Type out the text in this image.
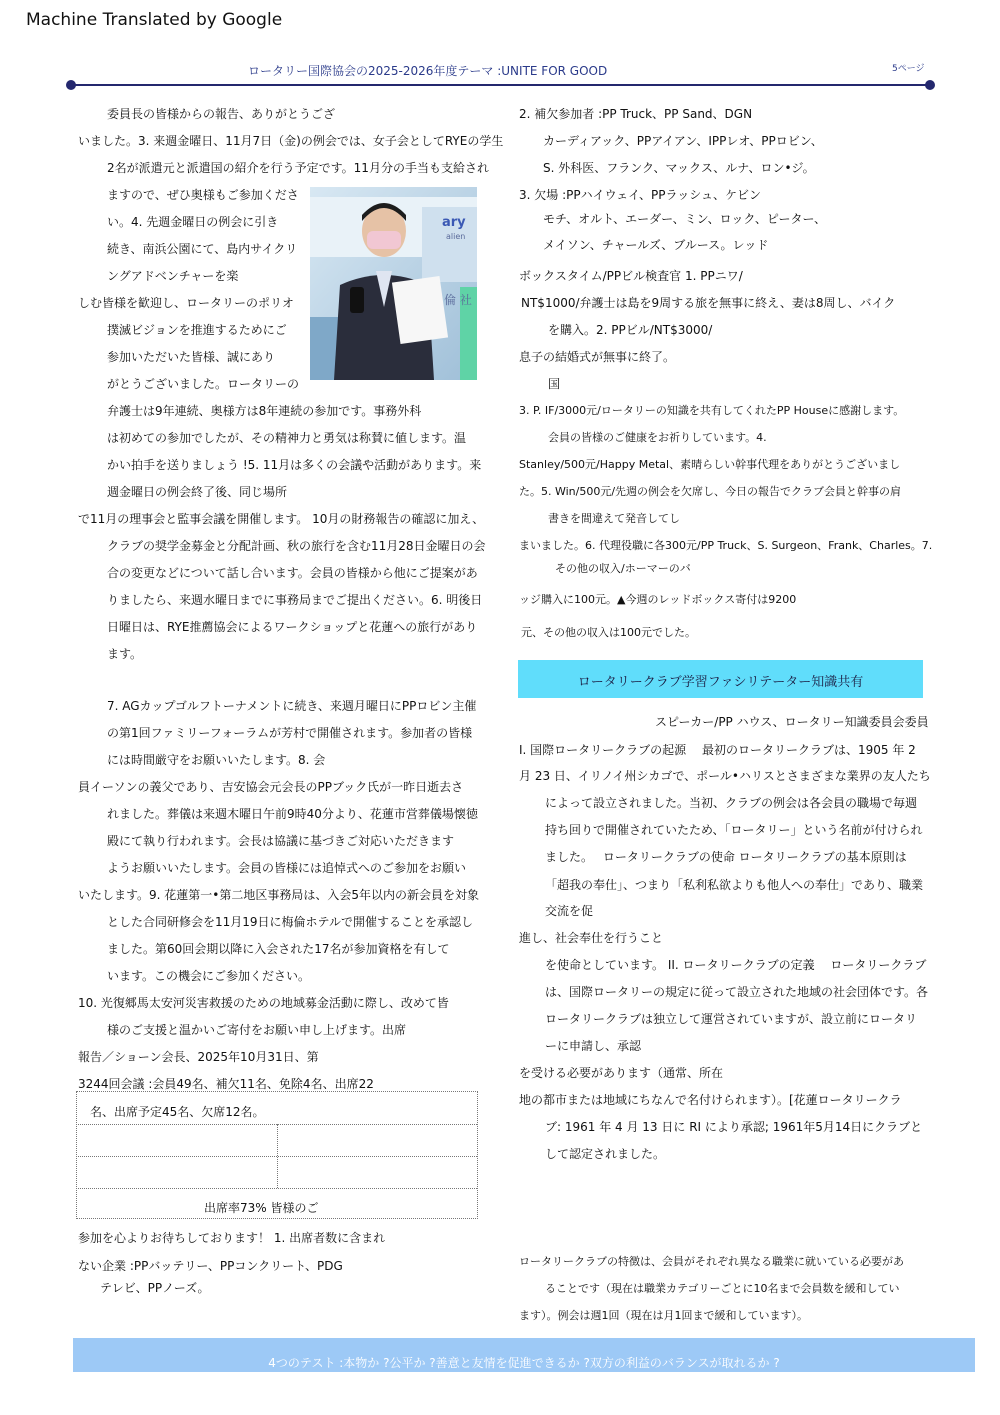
Machine Translated by Google
ロータリー国際協会の2025-2026年度テーマ :UNITE FOR GOOD	5ページ
委員長の皆様からの報告、ありがとうござ
いました。3. 来週金曜日、11月7日（金)の例会では、女子会としてRYEの学生
2名が派遣元と派遣国の紹介を行う予定です。11月分の手当も支給され
ますので、ぜひ奥様もご参加くださ
い。4. 先週金曜日の例会に引き
続き、南浜公園にて、島内サイクリ
ングアドベンチャーを楽
しむ皆様を歓迎し、ロータリーのポリオ
撲滅ビジョンを推進するためにご
参加いただいた皆様、誠にあり
がとうございました。ロータリーの
弁護士は9年連続、奥様方は8年連続の参加です。事務外科
は初めての参加でしたが、その精神力と勇気は称賛に値します。温
かい拍手を送りましょう !5. 11月は多くの会議や活動があります。来
週金曜日の例会終了後、同じ場所
で11月の理事会と監事会議を開催します。 10月の財務報告の確認に加え、
クラブの奨学金募金と分配計画、秋の旅行を含む11月28日金曜日の会
合の変更などについて話し合います。会員の皆様から他にご提案があ
りましたら、来週水曜日までに事務局までご提出ください。6. 明後日
日曜日は、RYE推薦協会によるワークショップと花蓮への旅行があり
ます。
7. AGカップゴルフトーナメントに続き、来週月曜日にPPロビン主催
の第1回ファミリーフォーラムが芳村で開催されます。参加者の皆様
には時間厳守をお願いいたします。8. 会
員イーソンの義父であり、吉安協会元会長のPPブック氏が一昨日逝去さ
れました。葬儀は来週木曜日午前9時40分より、花蓮市営葬儀場懐徳
殿にて執り行われます。会長は協議に基づきご対応いただきます
ようお願いいたします。会員の皆様には追悼式へのご参加をお願い
いたします。9. 花蓮第一•第二地区事務局は、入会5年以内の新会員を対象
とした合同研修会を11月19日に梅倫ホテルで開催することを承認し
ました。第60回会期以降に入会された17名が参加資格を有して
います。この機会にご参加ください。
10. 光復郷馬太安河災害救援のための地域募金活動に際し、改めて皆
様のご支援と温かいご寄付をお願い申し上げます。出席
報告／ショーン会長、2025年10月31日、第
3244回会議 :会員49名、補欠11名、免除4名、出席22
ary
alien
倫 社
名、出席予定45名、欠席12名。
出席率73% 皆様のご
参加を心よりお待ちしております！ 1. 出席者数に含まれ
ない企業 :PPバッテリー、PPコンクリート、PDG
テレビ、PPノーズ。
2. 補欠参加者 :PP Truck、PP Sand、DGN
カーディアック、PPアイアン、IPPレオ、PPロビン、
S. 外科医、フランク、マックス、ルナ、ロン•ジ。
3. 欠場 :PPハイウェイ、PPラッシュ、ケビン
モチ、オルト、エーダー、ミン、ロック、ピーター、
メイソン、チャールズ、ブルース。レッド
ボックスタイム/PPビル検査官 1. PPニワ/
NT$1000/弁護士は島を9周する旅を無事に終え、妻は8周し、バイク
を購入。2. PPビル/NT$3000/
息子の結婚式が無事に終了。
国
3. P. IF/3000元/ロータリーの知識を共有してくれたPP Houseに感謝します。
会員の皆様のご健康をお祈りしています。4.
Stanley/500元/Happy Metal、素晴らしい幹事代理をありがとうございまし
た。5. Win/500元/先週の例会を欠席し、今日の報告でクラブ会員と幹事の肩
書きを間違えて発音してし
まいました。6. 代理役職に各300元/PP Truck、S. Surgeon、Frank、Charles。7.
その他の収入/ホーマーのバ
ッジ購入に100元。▲今週のレッドボックス寄付は9200
元、その他の収入は100元でした。
ロータリークラブ学習ファシリテーター知識共有
スピーカー/PP ハウス、ロータリー知識委員会委員
I. 国際ロータリークラブの起源　 最初のロータリークラブは、1905 年 2
月 23 日、イリノイ州シカゴで、ポール•ハリスとさまざまな業界の友人たち
によって設立されました。当初、クラブの例会は各会員の職場で毎週
持ち回りで開催されていたため、「ロータリー」という名前が付けられ
ました。　 ロータリークラブの使命 ロータリークラブの基本原則は
「超我の奉仕」、つまり「私利私欲よりも他人への奉仕」であり、職業
交流を促
進し、社会奉仕を行うこと
を使命としています。 II. ロータリークラブの定義　 ロータリークラブ
は、国際ロータリーの規定に従って設立された地域の社会団体です。各
ロータリークラブは独立して運営されていますが、設立前にロータリ
ーに申請し、承認
を受ける必要があります（通常、所在
地の都市または地域にちなんで名付けられます）。[花蓮ロータリークラ
ブ: 1961 年 4 月 13 日に RI により承認; 1961年5月14日にクラブと
して認定されました。
ロータリークラブの特徴は、会員がそれぞれ異なる職業に就いている必要があ
ることです（現在は職業カテゴリーごとに10名まで会員数を緩和してい
ます）。例会は週1回（現在は月1回まで緩和しています）。
4つのテスト :本物か ?公平か ?善意と友情を促進できるか ?双方の利益のバランスが取れるか ?
